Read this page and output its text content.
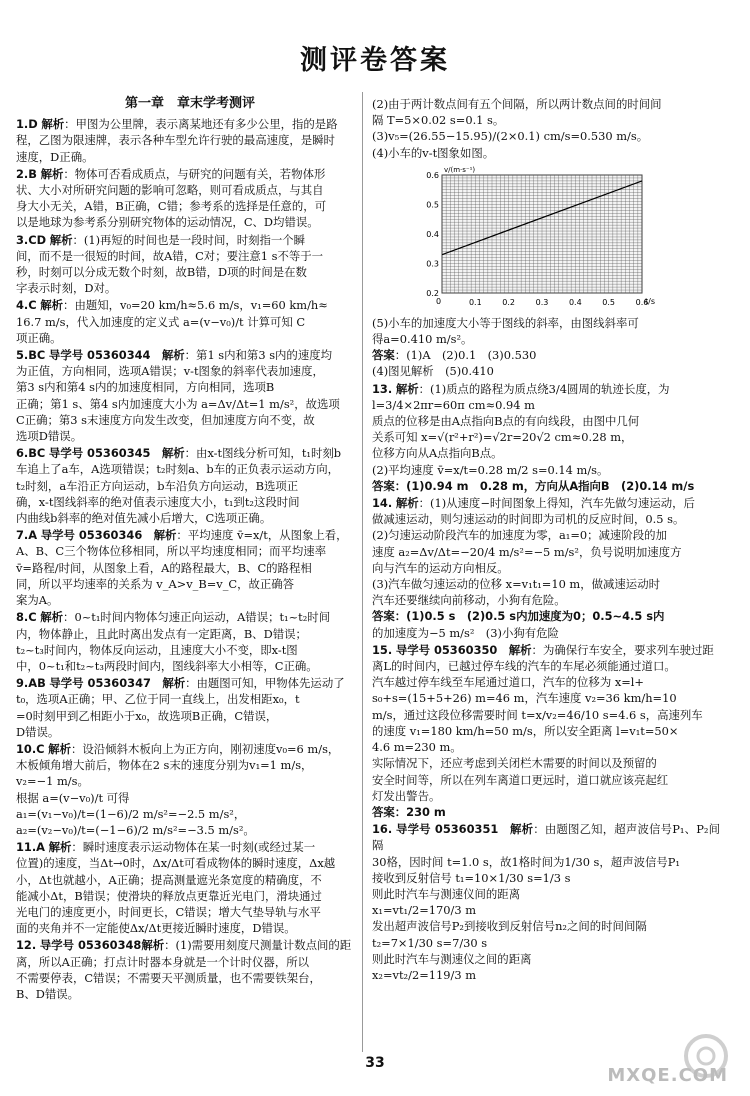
测评卷答案
第一章　章末学考测评
1.D 解析：甲图为公里牌，表示离某地还有多少公里，指的是路
程，乙图为限速牌，表示各种车型允许行驶的最高速度，是瞬时
速度，D正确。
2.B 解析：物体可否看成质点，与研究的问题有关，若物体形
状、大小对所研究问题的影响可忽略，则可看成质点，与其自
身大小无关，A错，B正确，C错；参考系的选择是任意的，可
以是地球为参考系分别研究物体的运动情况，C、D均错误。
3.CD 解析：(1)再短的时间也是一段时间，时刻指一个瞬
间，而不是一很短的时间，故A错，C对；要注意1 s不等于一
秒，时刻可以分成无数个时刻，故B错，D项的时间是在数
字表示时刻，D对。
4.C 解析：由题知，v₀=20 km/h≈5.6 m/s，v₁=60 km/h≈
16.7 m/s，代入加速度的定义式 a=(v−v₀)/t 计算可知 C
项正确。
5.BC 导学号 05360344　解析：第1 s内和第3 s内的速度均
为正值，方向相同，选项A错误；v-t图象的斜率代表加速度，
第3 s内和第4 s内的加速度相同，方向相同，选项B
正确；第1 s、第4 s内加速度大小为 a=Δv/Δt=1 m/s²，故选项
C正确；第3 s末速度方向发生改变，但加速度方向不变，故
选项D错误。
6.BC 导学号 05360345　解析：由x-t图线分析可知，t₁时刻b
车追上了a车，A选项错误；t₂时刻a、b车的正负表示运动方向，
t₂时刻，a车沿正方向运动，b车沿负方向运动，B选项正
确，x-t图线斜率的绝对值表示速度大小，t₁到t₂这段时间
内曲线b斜率的绝对值先减小后增大，C选项正确。
7.A 导学号 05360346　解析：平均速度 v̄=x/t，从图象上看，
A、B、C三个物体位移相同，所以平均速度相同；而平均速率
v̄=路程/时间，从图象上看，A的路程最大，B、C的路程相
同，所以平均速率的关系为 v_A>v_B=v_C，故正确答
案为A。
8.C 解析：0~t₁时间内物体匀速正向运动，A错误；t₁~t₂时间
内，物体静止，且此时离出发点有一定距离，B、D错误；
t₂~t₃时间内，物体反向运动，且速度大小不变，即x-t图
中，0~t₁和t₂~t₃两段时间内，图线斜率大小相等，C正确。
9.AB 导学号 05360347　解析：由题图可知，甲物体先运动了
t₀，选项A正确；甲、乙位于同一直线上，出发相距x₀，t
=0时刻甲到乙相距小于x₀，故选项B正确，C错误，
D错误。
10.C 解析：设沿倾斜木板向上为正方向，刚初速度v₀=6 m/s，
木板倾角增大前后，物体在2 s末的速度分别为v₁=1 m/s，
v₂=−1 m/s。
根据 a=(v−v₀)/t 可得
a₁=(v₁−v₀)/t=(1−6)/2 m/s²=−2.5 m/s²，
a₂=(v₂−v₀)/t=(−1−6)/2 m/s²=−3.5 m/s²。
11.A 解析：瞬时速度表示运动物体在某一时刻(或经过某一
位置)的速度，当Δt→0时，Δx/Δt可看成物体的瞬时速度，Δx越
小，Δt也就越小，A正确；提高测量遮光条宽度的精确度，不
能减小Δt，B错误；使滑块的释放点更靠近光电门，滑块通过
光电门的速度更小，时间更长，C错误；增大气垫导轨与水平
面的夹角并不一定能使Δx/Δt更接近瞬时速度，D错误。
12. 导学号 05360348解析：(1)需要用刻度尺测量计数点间的距
离，所以A正确；打点计时器本身就是一个计时仪器，所以
不需要停表，C错误；不需要天平测质量，也不需要铁架台，
B、D错误。
(2)由于两计数点间有五个间隔，所以两计数点间的时间间
隔 T=5×0.02 s=0.1 s。
(3)v₅=(26.55−15.95)/(2×0.1) cm/s=0.530 m/s。
(4)小车的v-t图象如图。
0.1	0.2	0.3	0.4	0.5	0.6
0.2
0.3
0.4
0.5
0.6
0	t/s
v/(m·s⁻¹)
(5)小车的加速度大小等于图线的斜率，由图线斜率可
得a=0.410 m/s²。
答案：(1)A　(2)0.1　(3)0.530
(4)图见解析　(5)0.410
13. 解析：(1)质点的路程为质点绕3/4圆周的轨迹长度，为
l=3/4×2πr=60π cm≈0.94 m
质点的位移是由A点指向B点的有向线段，由图中几何
关系可知 x=√(r²+r²)=√2r=20√2 cm≈0.28 m，
位移方向从A点指向B点。
(2)平均速度 v̄=x/t=0.28 m/2 s=0.14 m/s。
答案：(1)0.94 m　0.28 m，方向从A指向B　(2)0.14 m/s
14. 解析：(1)从速度−时间图象上得知，汽车先做匀速运动，后
做减速运动，则匀速运动的时间即为司机的反应时间，0.5 s。
(2)匀速运动阶段汽车的加速度为零，a₁=0；减速阶段的加
速度 a₂=Δv/Δt=−20/4 m/s²=−5 m/s²，负号说明加速度方
向与汽车的运动方向相反。
(3)汽车做匀速运动的位移 x=v₁t₁=10 m，做减速运动时
汽车还要继续向前移动，小狗有危险。
答案：(1)0.5 s　(2)0.5 s内加速度为0；0.5~4.5 s内
的加速度为−5 m/s²　(3)小狗有危险
15. 导学号 05360350　解析：为确保行车安全，要求列车驶过距
离L的时间内，已越过停车线的汽车的车尾必须能通过道口。
汽车越过停车线至车尾通过道口，汽车的位移为 x=l+
s₀+s=(15+5+26) m=46 m，汽车速度 v₂=36 km/h=10
m/s，通过这段位移需要时间 t=x/v₂=46/10 s=4.6 s，高速列车
的速度 v₁=180 km/h=50 m/s，所以安全距离 l=v₁t=50×
4.6 m=230 m。
实际情况下，还应考虑到关闭栏木需要的时间以及预留的
安全时间等，所以在列车离道口更远时，道口就应该亮起红
灯发出警告。
答案：230 m
16. 导学号 05360351　解析：由题图乙知，超声波信号P₁、P₂间隔
30格，因时间 t=1.0 s，故1格时间为1/30 s，超声波信号P₁
接收到反射信号 t₁=10×1/30 s=1/3 s
则此时汽车与测速仪间的距离
x₁=vt₁/2=170/3 m
发出超声波信号P₂到接收到反射信号n₂之间的时间间隔
t₂=7×1/30 s=7/30 s
则此时汽车与测速仪之间的距离
x₂=vt₂/2=119/3 m
33
MXQE.COM
